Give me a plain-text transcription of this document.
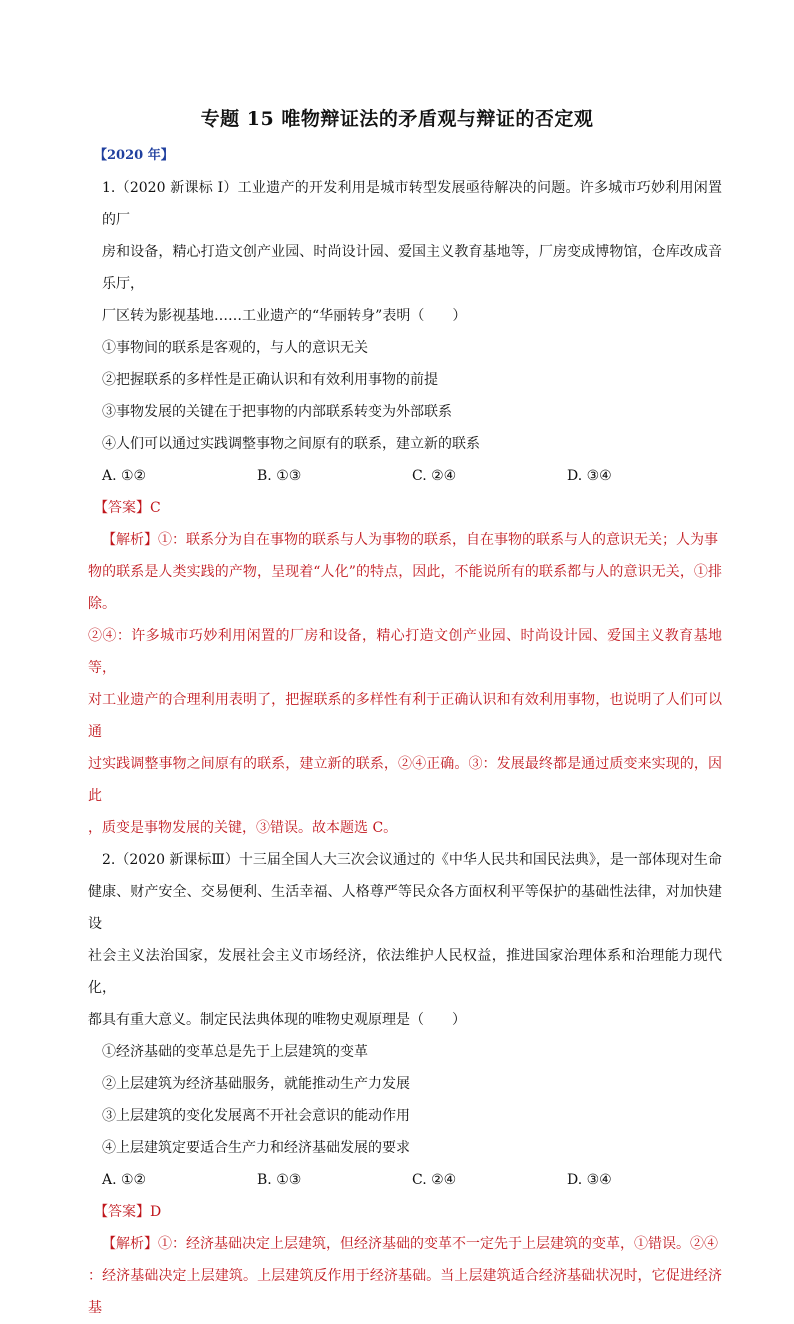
专题 15 唯物辩证法的矛盾观与辩证的否定观
【2020 年】
1.（2020 新课标 I）工业遗产的开发利用是城市转型发展亟待解决的问题。许多城市巧妙利用闲置的厂
房和设备，精心打造文创产业园、时尚设计园、爱国主义教育基地等，厂房变成博物馆，仓库改成音乐厅，
厂区转为影视基地……工业遗产的“华丽转身”表明（　　）
①事物间的联系是客观的，与人的意识无关
②把握联系的多样性是正确认识和有效利用事物的前提
③事物发展的关键在于把事物的内部联系转变为外部联系
④人们可以通过实践调整事物之间原有的联系，建立新的联系
A. ①②	B. ①③	C. ②④	D. ③④
【答案】C
【解析】①：联系分为自在事物的联系与人为事物的联系，自在事物的联系与人的意识无关；人为事
物的联系是人类实践的产物，呈现着“人化”的特点，因此，不能说所有的联系都与人的意识无关，①排除。
②④：许多城市巧妙利用闲置的厂房和设备，精心打造文创产业园、时尚设计园、爱国主义教育基地等，
对工业遗产的合理利用表明了，把握联系的多样性有利于正确认识和有效利用事物，也说明了人们可以通
过实践调整事物之间原有的联系，建立新的联系，②④正确。③：发展最终都是通过质变来实现的，因此
，质变是事物发展的关键，③错误。故本题选 C。
2.（2020 新课标Ⅲ）十三届全国人大三次会议通过的《中华人民共和国民法典》，是一部体现对生命
健康、财产安全、交易便利、生活幸福、人格尊严等民众各方面权利平等保护的基础性法律，对加快建设
社会主义法治国家，发展社会主义市场经济，依法维护人民权益，推进国家治理体系和治理能力现代化，
都具有重大意义。制定民法典体现的唯物史观原理是（　　）
①经济基础的变革总是先于上层建筑的变革
②上层建筑为经济基础服务，就能推动生产力发展
③上层建筑的变化发展离不开社会意识的能动作用
④上层建筑定要适合生产力和经济基础发展的要求
A. ①②	B. ①③	C. ②④	D. ③④
【答案】D
【解析】①：经济基础决定上层建筑，但经济基础的变革不一定先于上层建筑的变革，①错误。②④
：经济基础决定上层建筑。上层建筑反作用于经济基础。当上层建筑适合经济基础状况时，它促进经济基
